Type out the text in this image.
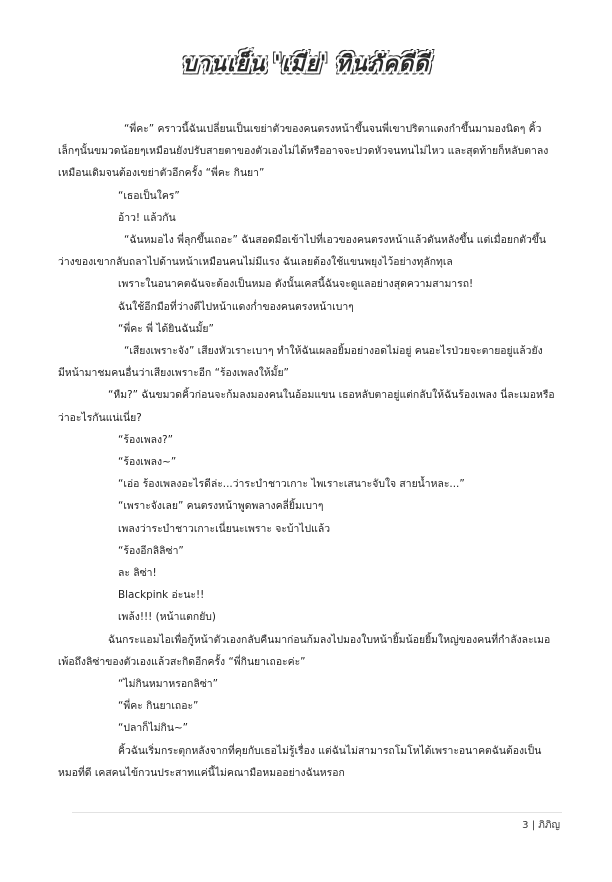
บานเย็น 'เมีย' ทินภัคดีดี

“พี่คะ” คราวนี้ฉันเปลี่ยนเป็นเขย่าตัวของคนตรงหน้าขึ้นจนพี่เขาปริตาแดงกำขึ้นมามองนิดๆ คิ้วเล็กๆนั้นขมวดน้อยๆเหมือนยังปรับสายตาของตัวเองไม่ได้หรืออาจจะปวดหัวจนทนไม่ไหว และสุดท้ายก็หลับตาลงเหมือนเดิมจนต้องเขย่าตัวอีกครั้ง “พี่คะ กินยา”

“เธอเป็นใคร”

อ้าว! แล้วกัน

“ฉันหมอไง พี่ลุกขึ้นเถอะ” ฉันสอดมือเข้าไปที่เอวของคนตรงหน้าแล้วดันหลังขึ้น แต่เมื่อยกตัวขึ้นว่างของเขากลับถลาไปด้านหน้าเหมือนคนไม่มีแรง ฉันเลยต้องใช้แขนพยุงไว้อย่างทุลักทุเล

เพราะในอนาคตฉันจะต้องเป็นหมอ ดังนั้นเคสนี้ฉันจะดูแลอย่างสุดความสามารถ!

ฉันใช้อีกมือที่ว่างตีไปหน้าแดงก่ำของคนตรงหน้าเบาๆ

“พี่คะ พี่ ได้ยินฉันมั้ย”

“เสียงเพราะจัง” เสียงหัวเราะเบาๆ ทำให้ฉันเผลอยิ้มอย่างอดไม่อยู่ คนอะไรป่วยจะตายอยู่แล้วยังมีหน้ามาชมคนอื่นว่าเสียงเพราะอีก “ร้องเพลงให้มั้ย”

“หืม?” ฉันขมวดคิ้วก่อนจะก้มลงมองคนในอ้อมแขน เธอหลับตาอยู่แต่กลับให้ฉันร้องเพลง นี่ละเมอหรือว่าอะไรกันแน่เนี่ย?

“ร้องเพลง?”

“ร้องเพลง~”

“เอ่อ ร้องเพลงอะไรดีล่ะ...ว่าระบำชาวเกาะ ไพเราะเสนาะจับใจ สายน้ำหละ...”

“เพราะจังเลย” คนตรงหน้าพูดพลางคลี่ยิ้มเบาๆ

เพลงว่าระบำชาวเกาะเนี่ยนะเพราะ จะบ้าไปแล้ว

“ร้องอีกลิลิซ่า”

ละ ลิซ่า!

Blackpink อ่ะนะ!!

เพล้ง!!! (หน้าแตกยับ)

ฉันกระแอมไอเพื่อกู้หน้าตัวเองกลับคืนมาก่อนก้มลงไปมองใบหน้ายิ้มน้อยยิ้มใหญ่ของคนที่กำลังละเมอเพ้อถึงลิซ่าของตัวเองแล้วสะกิดอีกครั้ง “พี่กินยาเถอะค่ะ”

“ไม่กินหมาหรอกลิซ่า”

“พี่คะ กินยาเถอะ”

“ปลาก็ไม่กิน~”

คิ้วฉันเริ่มกระตุกหลังจากที่คุยกับเธอไม่รู้เรื่อง แต่ฉันไม่สามารถโมโหได้เพราะอนาคตฉันต้องเป็นหมอที่ดี เคสคนไข้กวนประสาทแค่นี้ไม่คณามือหมออย่างฉันหรอก

3 | ภิภิญ
